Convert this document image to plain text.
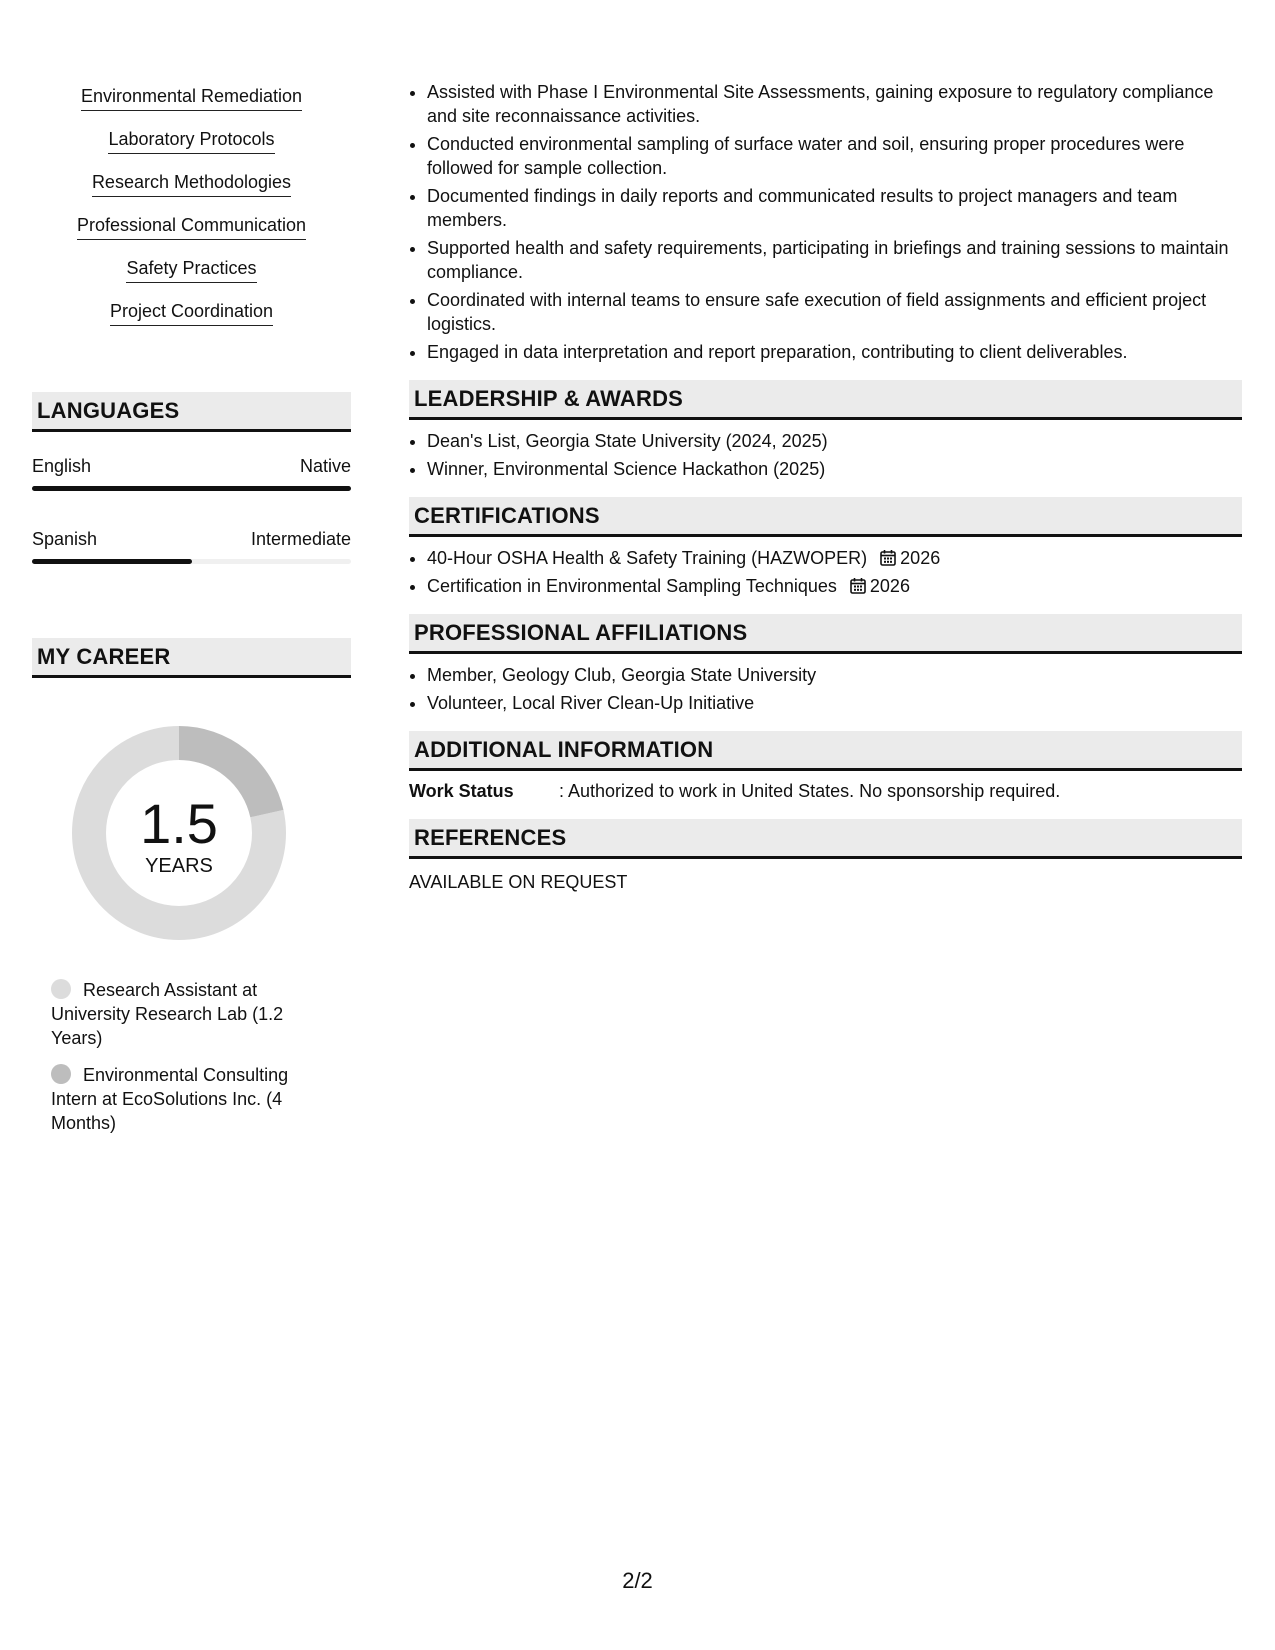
Environmental Remediation
Laboratory Protocols
Research Methodologies
Professional Communication
Safety Practices
Project Coordination
LANGUAGES
English	Native
Spanish	Intermediate
MY CAREER
1.5
YEARS
Research Assistant at University Research Lab (1.2 Years)
Environmental Consulting Intern at EcoSolutions Inc. (4 Months)
• Assisted with Phase I Environmental Site Assessments, gaining exposure to regulatory compliance and site reconnaissance activities.
• Conducted environmental sampling of surface water and soil, ensuring proper procedures were followed for sample collection.
• Documented findings in daily reports and communicated results to project managers and team members.
• Supported health and safety requirements, participating in briefings and training sessions to maintain compliance.
• Coordinated with internal teams to ensure safe execution of field assignments and efficient project logistics.
• Engaged in data interpretation and report preparation, contributing to client deliverables.
LEADERSHIP & AWARDS
• Dean's List, Georgia State University (2024, 2025)
• Winner, Environmental Science Hackathon (2025)
CERTIFICATIONS
• 40-Hour OSHA Health & Safety Training (HAZWOPER) 2026
• Certification in Environmental Sampling Techniques 2026
PROFESSIONAL AFFILIATIONS
• Member, Geology Club, Georgia State University
• Volunteer, Local River Clean-Up Initiative
ADDITIONAL INFORMATION
Work Status	: Authorized to work in United States. No sponsorship required.
REFERENCES
AVAILABLE ON REQUEST
2/2
